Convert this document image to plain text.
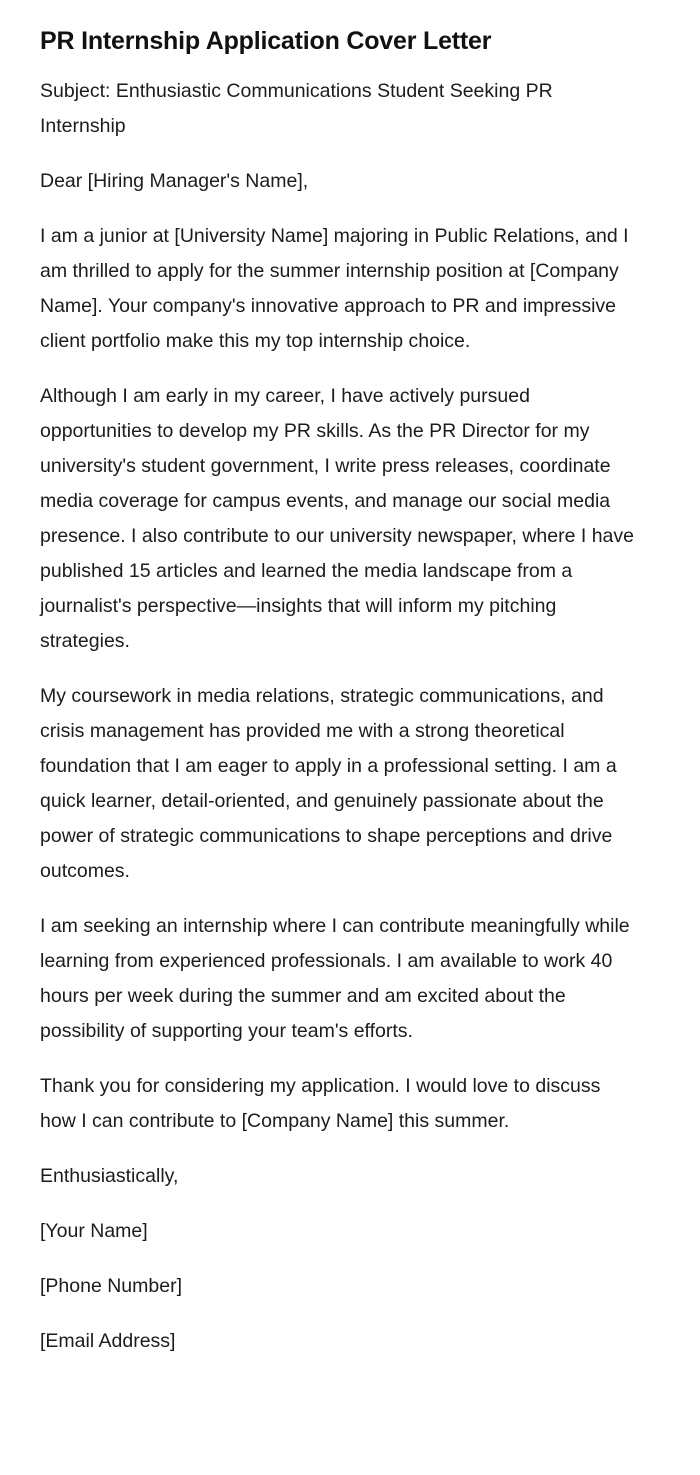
PR Internship Application Cover Letter

Subject: Enthusiastic Communications Student Seeking PR Internship

Dear [Hiring Manager's Name],

I am a junior at [University Name] majoring in Public Relations, and I am thrilled to apply for the summer internship position at [Company Name]. Your company's innovative approach to PR and impressive client portfolio make this my top internship choice.

Although I am early in my career, I have actively pursued opportunities to develop my PR skills. As the PR Director for my university's student government, I write press releases, coordinate media coverage for campus events, and manage our social media presence. I also contribute to our university newspaper, where I have published 15 articles and learned the media landscape from a journalist's perspective—insights that will inform my pitching strategies.

My coursework in media relations, strategic communications, and crisis management has provided me with a strong theoretical foundation that I am eager to apply in a professional setting. I am a quick learner, detail-oriented, and genuinely passionate about the power of strategic communications to shape perceptions and drive outcomes.

I am seeking an internship where I can contribute meaningfully while learning from experienced professionals. I am available to work 40 hours per week during the summer and am excited about the possibility of supporting your team's efforts.

Thank you for considering my application. I would love to discuss how I can contribute to [Company Name] this summer.

Enthusiastically,

[Your Name]

[Phone Number]

[Email Address]
